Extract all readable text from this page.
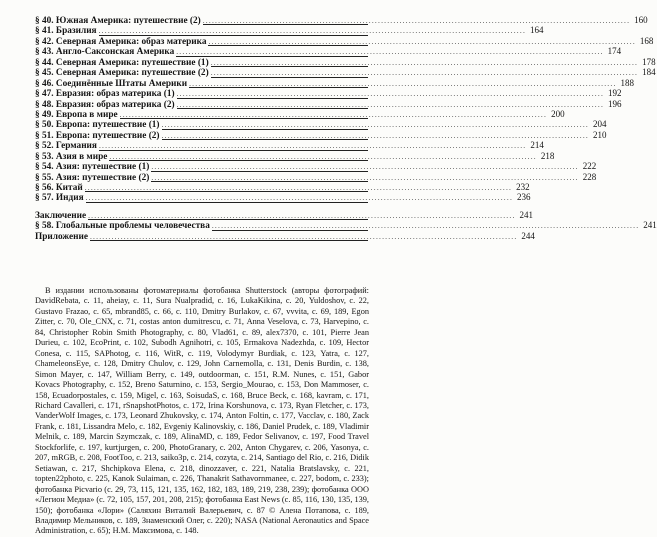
§ 40. Южная Америка: путешествие (2) ........................................................................................................................................... 160
§ 41. Бразилия ........................................................................................................................................... 164
§ 42. Северная Америка: образ материка ........................................................................................................................................... 168
§ 43. Англо-Саксонская Америка ........................................................................................................................................... 174
§ 44. Северная Америка: путешествие (1) ........................................................................................................................................... 178
§ 45. Северная Америка: путешествие (2) ........................................................................................................................................... 184
§ 46. Соединённые Штаты Америки ........................................................................................................................................... 188
§ 47. Евразия: образ материка (1) ........................................................................................................................................... 192
§ 48. Евразия: образ материка (2) ........................................................................................................................................... 196
§ 49. Европа в мире ........................................................................................................................................... 200
§ 50. Европа: путешествие (1) ........................................................................................................................................... 204
§ 51. Европа: путешествие (2) ........................................................................................................................................... 210
§ 52. Германия ........................................................................................................................................... 214
§ 53. Азия в мире ........................................................................................................................................... 218
§ 54. Азия: путешествие (1) ........................................................................................................................................... 222
§ 55. Азия: путешествие (2) ........................................................................................................................................... 228
§ 56. Китай ........................................................................................................................................... 232
§ 57. Индия ........................................................................................................................................... 236
Заключение ........................................................................................................................................... 241
§ 58. Глобальные проблемы человечества ........................................................................................................................................... 241
Приложение ........................................................................................................................................... 244

В издании использованы фотоматериалы фотобанка Shutterstock (авторы фотографий: DavidRebata, с. 11, aheiay, с. 11, Sura Nualpradid, с. 16, LukaKikina, с. 20, Yuldoshov, с. 22, Gustavo Frazao, с. 65, mbrand85, с. 66, с. 110, Dmitry Burlakov, с. 67, vvvita, с. 69, 189, Egon Zitter, с. 70, Ole_CNX, с. 71, costas anton dumitrescu, с. 71, Anna Veselova, с. 73, Harvepino, с. 84, Christopher Robin Smith Photography, с. 80, Vlad61, с. 89, alex7370, с. 101, Pierre Jean Durieu, с. 102, EcoPrint, с. 102, Subodh Agnihotri, с. 105, Ermakova Nadezhda, с. 109, Hector Conesa, с. 115, SAPhotog, с. 116, WitR, с. 119, Volodymyr Burdiak, с. 123, Yatra, с. 127, ChameleonsEye, с. 128, Dmitry Chulov, с. 129, John Carnemolla, с. 131, Denis Burdin, с. 138, Simon Mayer, с. 147, William Berry, с. 149, outdoorman, с. 151, R.M. Nunes, с. 151, Gabor Kovacs Photography, с. 152, Breno Saturnino, с. 153, Sergio_Mourao, с. 153, Don Mammoser, с. 158, Ecuadorpostales, с. 159, Migel, с. 163, SoisudaS, с. 168, Bruce Beck, с. 168, kavram, с. 171, Richard Cavalleri, с. 171, rSnapshotPhotos, с. 172, Irina Korshunova, с. 173, Ryan Fletcher, с. 173, VanderWolf Images, с. 173, Leonard Zhukovsky, с. 174, Anton Foltin, с. 177, Vacclav, с. 180, Zack Frank, с. 181, Lissandra Melo, с. 182, Evgeniy Kalinovskiy, с. 186, Daniel Prudek, с. 189, Vladimir Melnik, с. 189, Marcin Szymczak, с. 189, AlinaMD, с. 189, Fedor Selivanov, с. 197, Food Travel Stockforlife, с. 197, kurtjurgen, с. 200, PhotoGranary, с. 202, Anton Chygarev, с. 206, Yasonya, с. 207, mRGB, с. 208, FootToo, с. 213, saiko3p, с. 214, cozyta, с. 214, Santiago del Rio, с. 216, Didik Setiawan, с. 217, Shchipkova Elena, с. 218, dinozzaver, с. 221, Natalia Bratslavsky, с. 221, topten22photo, с. 225, Kanok Sulaiman, с. 226, Thanakrit Sathavornmanee, с. 227, bodom, с. 233); фотобанка Picvario (с. 29, 73, 115, 121, 135, 162, 182, 183, 189, 219, 238, 239); фотобанка ООО «Легион Медиа» (с. 72, 105, 157, 201, 208, 215); фотобанка East News (с. 85, 116, 130, 135, 139, 150); фотобанка «Лори» (Саляхин Виталий Валерьевич, с. 87 © Алена Потапова, с. 189, Владимир Мельников, с. 189, Знаменский Олег, с. 220); NASA (National Aeronautics and Space Administration, с. 65); Н.М. Максимова, с. 148.
